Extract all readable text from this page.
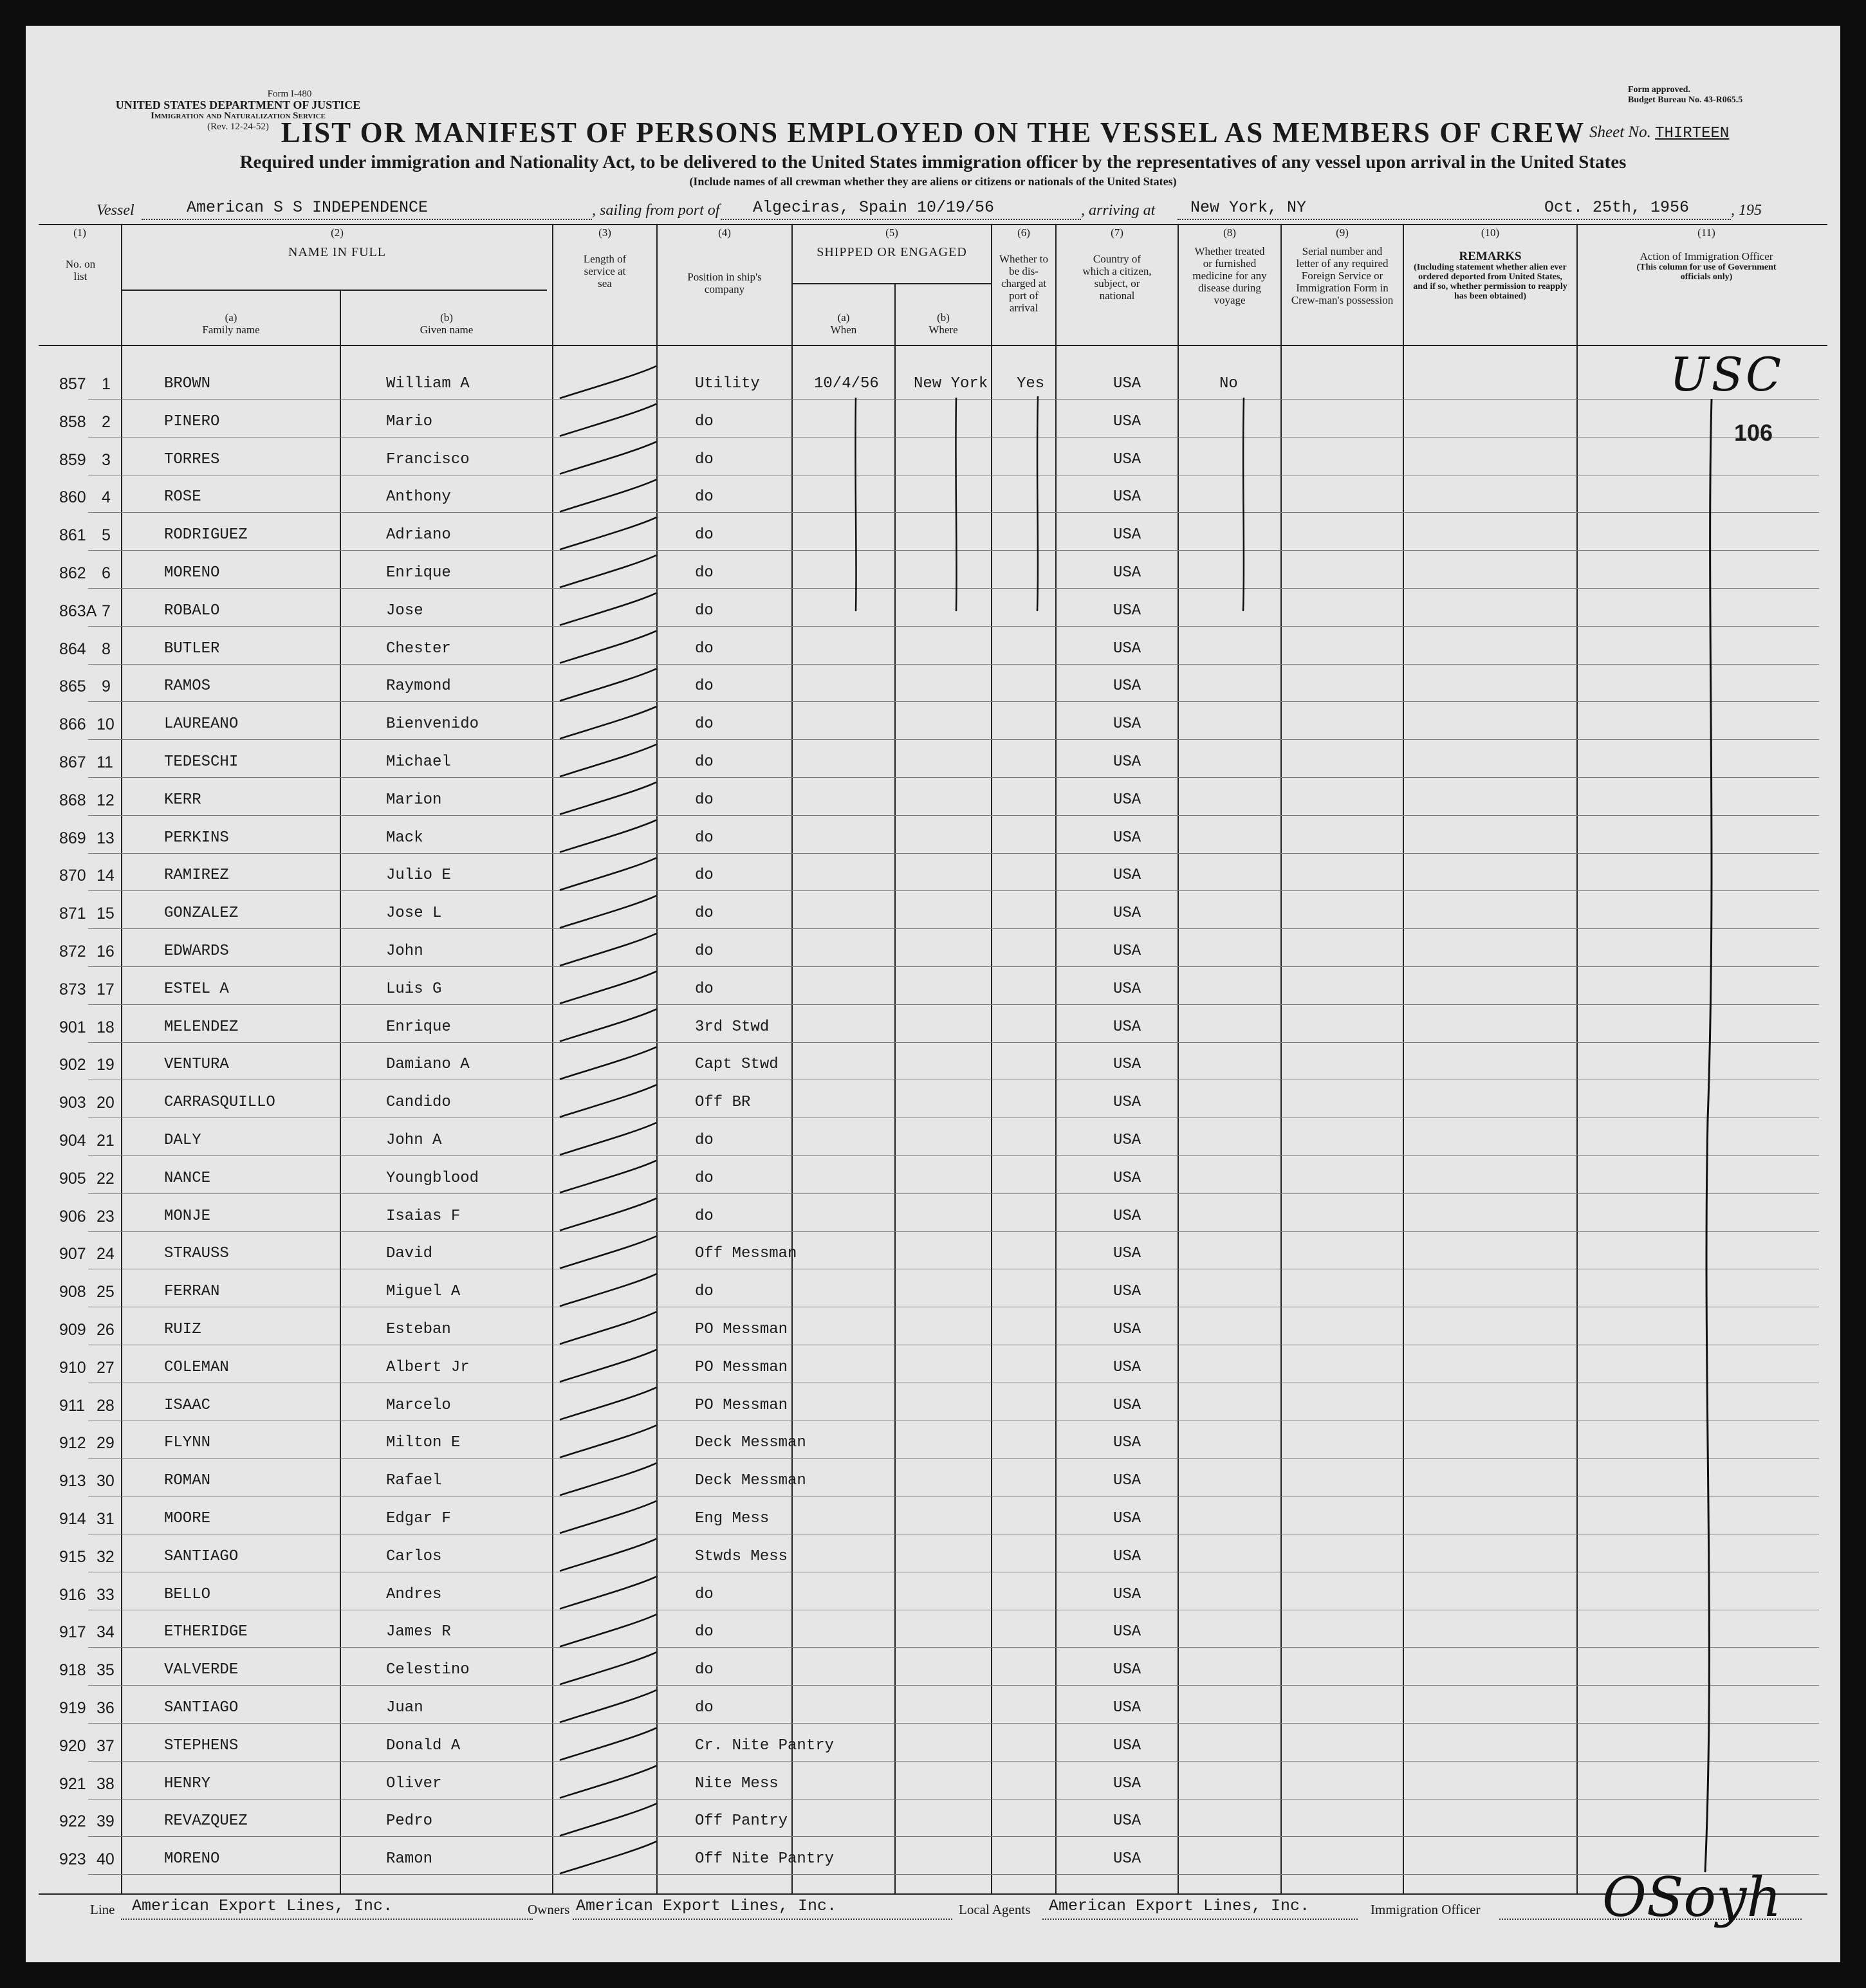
Form I-480
UNITED STATES DEPARTMENT OF JUSTICE
Immigration and Naturalization Service
(Rev. 12-24-52)
Form approved.
Budget Bureau No. 43-R065.5
LIST OR MANIFEST OF PERSONS EMPLOYED ON THE VESSEL AS MEMBERS OF CREW Sheet No. THIRTEEN
Required under immigration and Nationality Act, to be delivered to the United States immigration officer by the representatives of any vessel upon arrival in the United States
(Include names of all crewman whether they are aliens or citizens or nationals of the United States)
Vessel	American S S INDEPENDENCE	, sailing from port of Algeciras, Spain 10/19/56	, arriving at New York, NY	Oct. 25th, 1956	, 195
(1)
No. on list
(2)
NAME IN FULL
(a)
Family name
(b)
Given name
(3)
Length of service at sea
(4)
Position in ship's company
(5)
SHIPPED OR ENGAGED
(a)
When
(b)
Where
(6)
Whether to be dis-charged at port of arrival
(7)
Country of which a citizen, subject, or national
(8)
Whether treated or furnished medicine for any disease during voyage
(9)
Serial number and letter of any required Foreign Service or Immigration Form in Crew-man's possession
(10)
REMARKS
(Including statement whether alien ever ordered deported from United States, and if so, whether permission to reapply has been obtained)
(11)
Action of Immigration Officer
(This column for use of Government officials only)
857 1	BROWN	William A	Utility	10/4/56 New York Yes	USA	No
858 2	PINERO	Mario	do	USA
859 3	TORRES	Francisco	do	USA
860 4	ROSE	Anthony	do	USA
861 5	RODRIGUEZ	Adriano	do	USA
862 6	MORENO	Enrique	do	USA
863A 7	ROBALO	Jose	do	USA
864 8	BUTLER	Chester	do	USA
865 9	RAMOS	Raymond	do	USA
866 10	LAUREANO	Bienvenido	do	USA
867 11	TEDESCHI	Michael	do	USA
868 12	KERR	Marion	do	USA
869 13	PERKINS	Mack	do	USA
870 14	RAMIREZ	Julio E	do	USA
871 15	GONZALEZ	Jose L	do	USA
872 16	EDWARDS	John	do	USA
873 17	ESTEL A	Luis G	do	USA
901 18	MELENDEZ	Enrique	3rd Stwd	USA
902 19	VENTURA	Damiano A	Capt Stwd	USA
903 20	CARRASQUILLO	Candido	Off BR	USA
904 21	DALY	John A	do	USA
905 22	NANCE	Youngblood	do	USA
906 23	MONJE	Isaias F	do	USA
907 24	STRAUSS	David	Off Messman	USA
908 25	FERRAN	Miguel A	do	USA
909 26	RUIZ	Esteban	PO Messman	USA
910 27	COLEMAN	Albert Jr	PO Messman	USA
911 28	ISAAC	Marcelo	PO Messman	USA
912 29	FLYNN	Milton E	Deck Messman	USA
913 30	ROMAN	Rafael	Deck Messman	USA
914 31	MOORE	Edgar F	Eng Mess	USA
915 32	SANTIAGO	Carlos	Stwds Mess	USA
916 33	BELLO	Andres	do	USA
917 34	ETHERIDGE	James R	do	USA
918 35	VALVERDE	Celestino	do	USA
919 36	SANTIAGO	Juan	do	USA
920 37	STEPHENS	Donald A	Cr. Nite Pantry	USA
921 38	HENRY	Oliver	Nite Mess	USA
922 39	REVAZQUEZ	Pedro	Off Pantry	USA
923 40	MORENO	Ramon	Off Nite Pantry	USA
USC
106
Line American Export Lines, Inc.	Owners American Export Lines, Inc.	Local Agents American Export Lines, Inc.	Immigration Officer OSoyh
